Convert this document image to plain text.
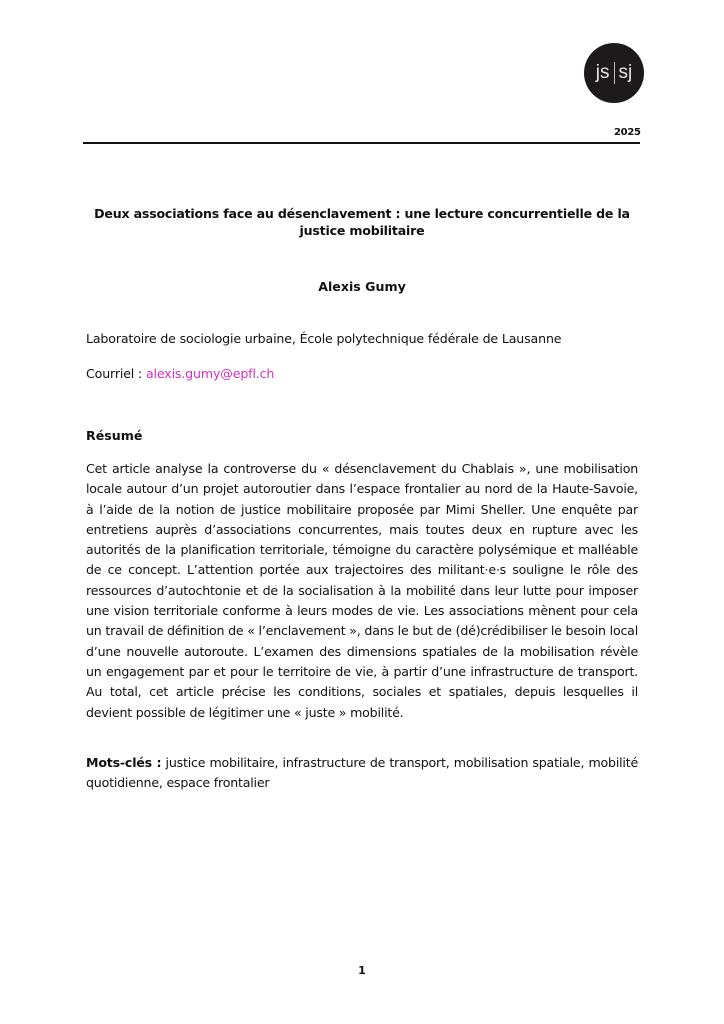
js sj
2025
Deux associations face au désenclavement : une lecture concurrentielle de la justice mobilitaire
Alexis Gumy
Laboratoire de sociologie urbaine, École polytechnique fédérale de Lausanne
Courriel : alexis.gumy@epfl.ch
Résumé
Cet article analyse la controverse du « désenclavement du Chablais », une mobilisation locale autour d’un projet autoroutier dans l’espace frontalier au nord de la Haute-Savoie, à l’aide de la notion de justice mobilitaire proposée par Mimi Sheller. Une enquête par entretiens auprès d’associations concurrentes, mais toutes deux en rupture avec les autorités de la planification territoriale, témoigne du caractère polysémique et malléable de ce concept. L’attention portée aux trajectoires des militant·e·s souligne le rôle des ressources d’autochtonie et de la socialisation à la mobilité dans leur lutte pour imposer une vision territoriale conforme à leurs modes de vie. Les associations mènent pour cela un travail de définition de « l’enclavement », dans le but de (dé)crédibiliser le besoin local d’une nouvelle autoroute. L’examen des dimensions spatiales de la mobilisation révèle un engagement par et pour le territoire de vie, à partir d’une infrastructure de transport. Au total, cet article précise les conditions, sociales et spatiales, depuis lesquelles il devient possible de légitimer une « juste » mobilité.
Mots-clés : justice mobilitaire, infrastructure de transport, mobilisation spatiale, mobilité quotidienne, espace frontalier
1
